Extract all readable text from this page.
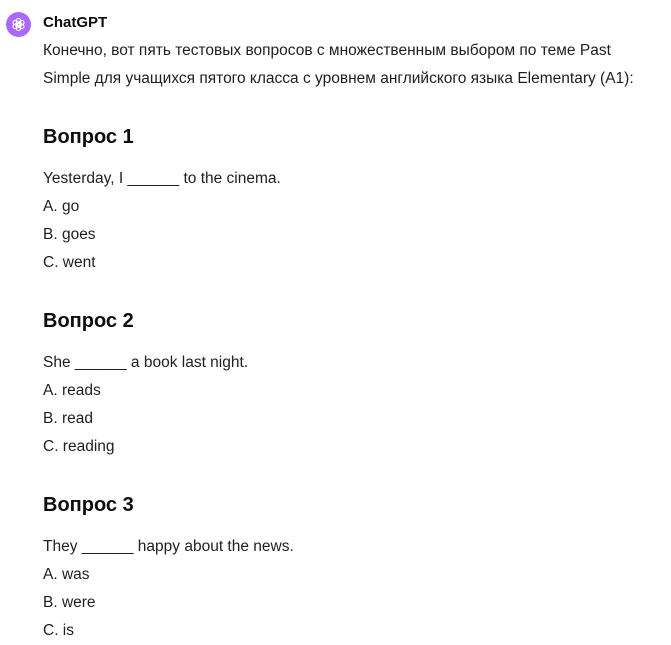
ChatGPT

Конечно, вот пять тестовых вопросов с множественным выбором по теме Past Simple для учащихся пятого класса с уровнем английского языка Elementary (A1):

Вопрос 1

Yesterday, I ______ to the cinema.

A. go

B. goes

C. went

Вопрос 2

She ______ a book last night.

A. reads

B. read

C. reading

Вопрос 3

They ______ happy about the news.

A. was

B. were

C. is
